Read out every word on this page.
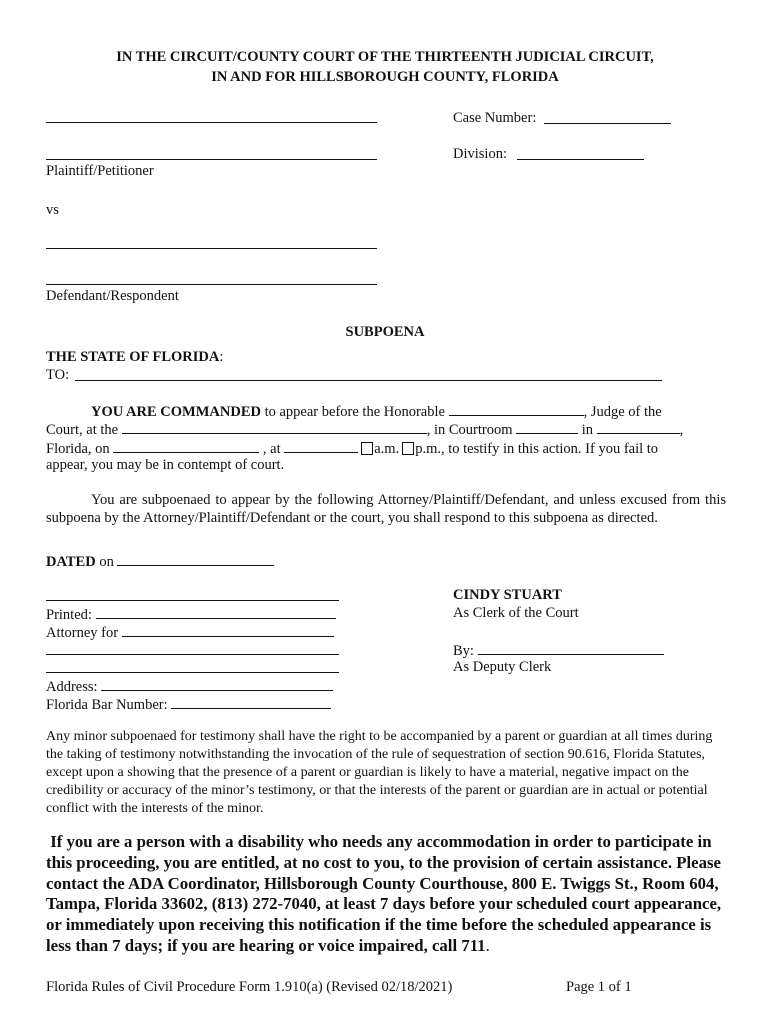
IN THE CIRCUIT/COUNTY COURT OF THE THIRTEENTH JUDICIAL CIRCUIT,
IN AND FOR HILLSBOROUGH COUNTY, FLORIDA
Plaintiff/Petitioner
vs
Defendant/Respondent
Case Number:
Division:
SUBPOENA
THE STATE OF FLORIDA:
TO:
YOU ARE COMMANDED to appear before the Honorable	, Judge of the
Court, at the	, in Courtroom	in	,
Florida, on	, at	a.m. p.m., to testify in this action. If you fail to
appear, you may be in contempt of court.
You are subpoenaed to appear by the following Attorney/Plaintiff/Defendant, and unless excused from this subpoena by the Attorney/Plaintiff/Defendant or the court, you shall respond to this subpoena as directed.
DATED on
Printed:
Attorney for
Address:
Florida Bar Number:
CINDY STUART
As Clerk of the Court
By:
As Deputy Clerk
Any minor subpoenaed for testimony shall have the right to be accompanied by a parent or guardian at all times during the taking of testimony notwithstanding the invocation of the rule of sequestration of section 90.616, Florida Statutes, except upon a showing that the presence of a parent or guardian is likely to have a material, negative impact on the credibility or accuracy of the minor’s testimony, or that the interests of the parent or guardian are in actual or potential conflict with the interests of the minor.
If you are a person with a disability who needs any accommodation in order to participate in this proceeding, you are entitled, at no cost to you, to the provision of certain assistance. Please contact the ADA Coordinator, Hillsborough County Courthouse, 800 E. Twiggs St., Room 604, Tampa, Florida 33602, (813) 272-7040, at least 7 days before your scheduled court appearance, or immediately upon receiving this notification if the time before the scheduled appearance is less than 7 days; if you are hearing or voice impaired, call 711.
Florida Rules of Civil Procedure Form 1.910(a) (Revised 02/18/2021)	Page 1 of 1
